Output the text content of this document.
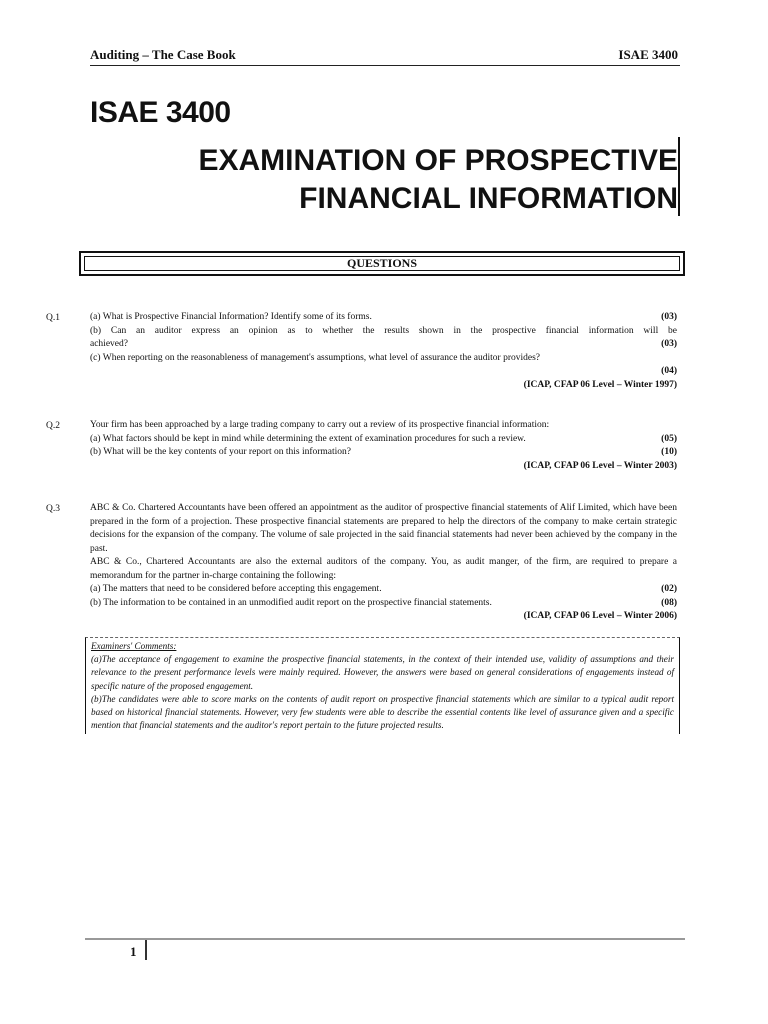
Auditing – The Case Book	ISAE 3400
ISAE 3400
EXAMINATION OF PROSPECTIVE
FINANCIAL INFORMATION
QUESTIONS
Q.1	(a) What is Prospective Financial Information? Identify some of its forms.	(03)
(b) Can an auditor express an opinion as to whether the results shown in the prospective financial information will be
achieved?	(03)
(c) When reporting on the reasonableness of management's assumptions, what level of assurance the auditor provides?
(04)
(ICAP, CFAP 06 Level – Winter 1997)
Q.2	Your firm has been approached by a large trading company to carry out a review of its prospective financial information:
(a) What factors should be kept in mind while determining the extent of examination procedures for such a review.	(05)
(b) What will be the key contents of your report on this information?	(10)
(ICAP, CFAP 06 Level – Winter 2003)
Q.3	ABC & Co. Chartered Accountants have been offered an appointment as the auditor of prospective financial statements of Alif Limited, which have been prepared in the form of a projection. These prospective financial statements are prepared to help the directors of the company to make certain strategic decisions for the expansion of the company. The volume of sale projected in the said financial statements had never been achieved by the company in the past.
ABC & Co., Chartered Accountants are also the external auditors of the company. You, as audit manger, of the firm, are required to prepare a memorandum for the partner in-charge containing the following:
(a) The matters that need to be considered before accepting this engagement.	(02)
(b) The information to be contained in an unmodified audit report on the prospective financial statements.	(08)
(ICAP, CFAP 06 Level – Winter 2006)
Examiners' Comments:
(a)The acceptance of engagement to examine the prospective financial statements, in the context of their intended use, validity of assumptions and their relevance to the present performance levels were mainly required. However, the answers were based on general considerations of engagements instead of specific nature of the proposed engagement.
(b)The candidates were able to score marks on the contents of audit report on prospective financial statements which are similar to a typical audit report based on historical financial statements. However, very few students were able to describe the essential contents like level of assurance given and a specific mention that financial statements and the auditor's report pertain to the future projected results.
1
